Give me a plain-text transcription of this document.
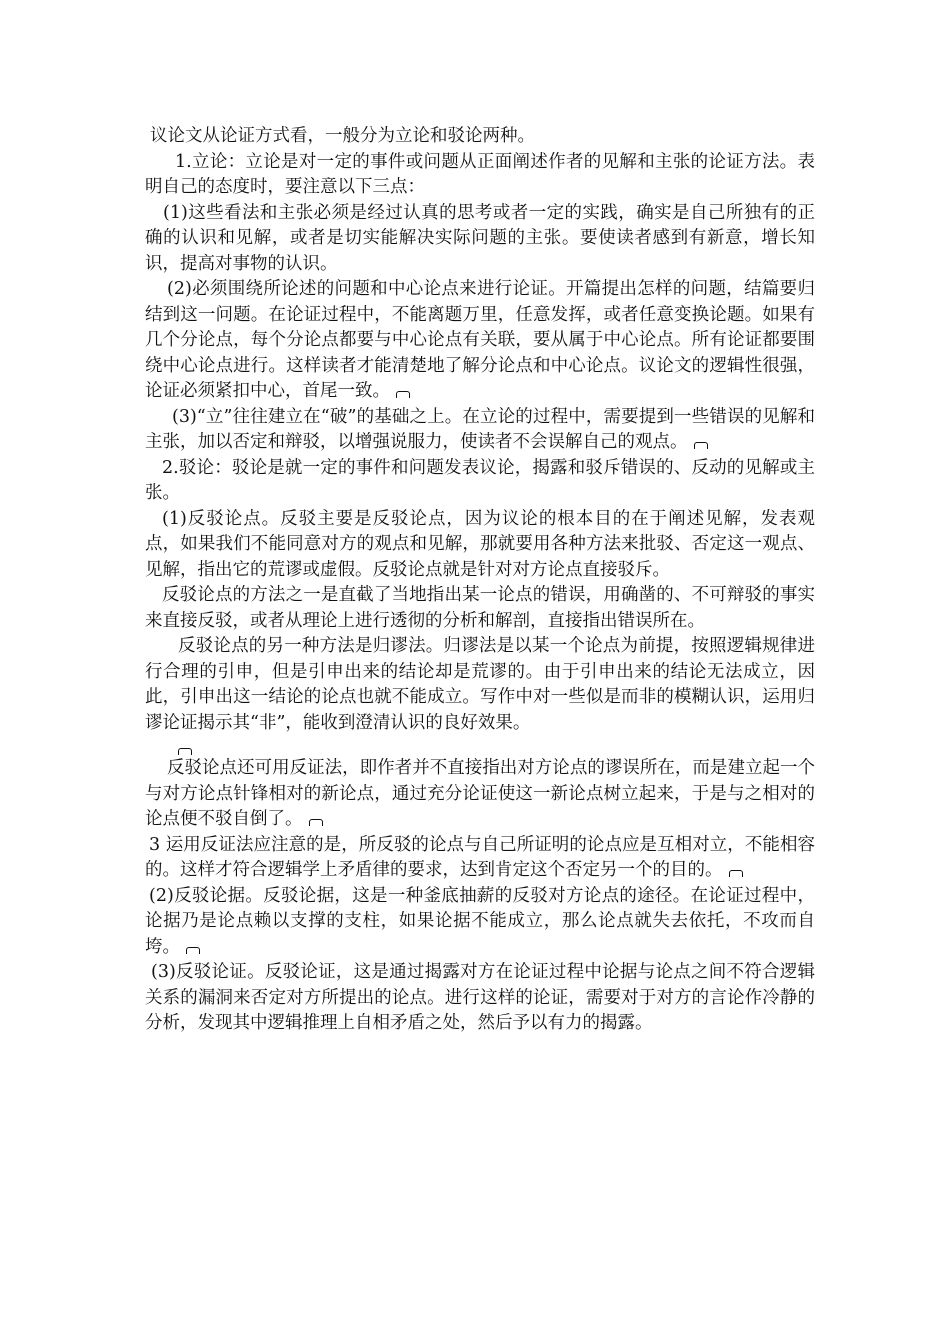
议论文从论证方式看，一般分为立论和驳论两种。

1.立论：立论是对一定的事件或问题从正面阐述作者的见解和主张的论证方法。表明自己的态度时，要注意以下三点：

(1)这些看法和主张必须是经过认真的思考或者一定的实践，确实是自己所独有的正确的认识和见解，或者是切实能解决实际问题的主张。要使读者感到有新意，增长知识，提高对事物的认识。

(2)必须围绕所论述的问题和中心论点来进行论证。开篇提出怎样的问题，结篇要归结到这一问题。在论证过程中，不能离题万里，任意发挥，或者任意变换论题。如果有几个分论点，每个分论点都要与中心论点有关联，要从属于中心论点。所有论证都要围绕中心论点进行。这样读者才能清楚地了解分论点和中心论点。议论文的逻辑性很强，论证必须紧扣中心，首尾一致。

(3)“立”往往建立在“破”的基础之上。在立论的过程中，需要提到一些错误的见解和主张，加以否定和辩驳，以增强说服力，使读者不会误解自己的观点。

2.驳论：驳论是就一定的事件和问题发表议论，揭露和驳斥错误的、反动的见解或主张。

(1)反驳论点。反驳主要是反驳论点，因为议论的根本目的在于阐述见解，发表观点，如果我们不能同意对方的观点和见解，那就要用各种方法来批驳、否定这一观点、见解，指出它的荒谬或虚假。反驳论点就是针对对方论点直接驳斥。

反驳论点的方法之一是直截了当地指出某一论点的错误，用确凿的、不可辩驳的事实来直接反驳，或者从理论上进行透彻的分析和解剖，直接指出错误所在。

反驳论点的另一种方法是归谬法。归谬法是以某一个论点为前提，按照逻辑规律进行合理的引申，但是引申出来的结论却是荒谬的。由于引申出来的结论无法成立，因此，引申出这一结论的论点也就不能成立。写作中对一些似是而非的模糊认识，运用归谬论证揭示其“非”，能收到澄清认识的良好效果。

反驳论点还可用反证法，即作者并不直接指出对方论点的谬误所在，而是建立起一个与对方论点针锋相对的新论点，通过充分论证使这一新论点树立起来，于是与之相对的论点便不驳自倒了。

3 运用反证法应注意的是，所反驳的论点与自己所证明的论点应是互相对立，不能相容的。这样才符合逻辑学上矛盾律的要求，达到肯定这个否定另一个的目的。

(2)反驳论据。反驳论据，这是一种釜底抽薪的反驳对方论点的途径。在论证过程中，论据乃是论点赖以支撑的支柱，如果论据不能成立，那么论点就失去依托，不攻而自垮。

(3)反驳论证。反驳论证，这是通过揭露对方在论证过程中论据与论点之间不符合逻辑关系的漏洞来否定对方所提出的论点。进行这样的论证，需要对于对方的言论作冷静的分析，发现其中逻辑推理上自相矛盾之处，然后予以有力的揭露。
